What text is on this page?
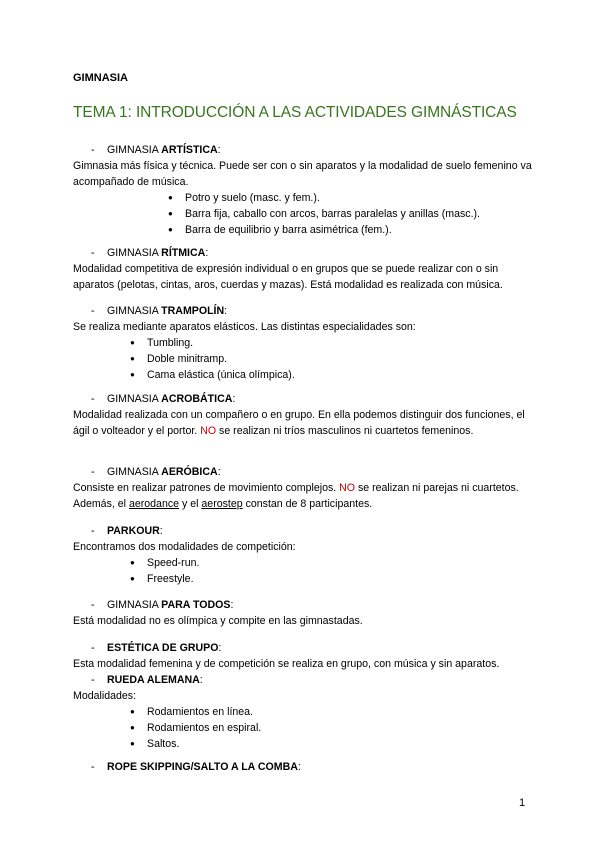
GIMNASIA
TEMA 1: INTRODUCCIÓN A LAS ACTIVIDADES GIMNÁSTICAS
- GIMNASIA ARTÍSTICA:

Gimnasia más física y técnica. Puede ser con o sin aparatos y la modalidad de suelo femenino va acompañado de música.

● Potro y suelo (masc. y fem.).
● Barra fija, caballo con arcos, barras paralelas y anillas (masc.).
● Barra de equilibrio y barra asimétrica (fem.).
- GIMNASIA RÍTMICA:

Modalidad competitiva de expresión individual o en grupos que se puede realizar con o sin aparatos (pelotas, cintas, aros, cuerdas y mazas). Está modalidad es realizada con música.

- GIMNASIA TRAMPOLÍN:

Se realiza mediante aparatos elásticos. Las distintas especialidades son:

● Tumbling.
● Doble minitramp.
● Cama elástica (única olímpica).
- GIMNASIA ACROBÁTICA:

Modalidad realizada con un compañero o en grupo. En ella podemos distinguir dos funciones, el ágil o volteador y el portor. NO se realizan ni tríos masculinos ni cuartetos femeninos.

- GIMNASIA AERÓBICA:

Consiste en realizar patrones de movimiento complejos. NO se realizan ni parejas ni cuartetos. Además, el aerodance y el aerostep constan de 8 participantes.

- PARKOUR:

Encontramos dos modalidades de competición:

● Speed-run.
● Freestyle.
- GIMNASIA PARA TODOS:

Está modalidad no es olímpica y compite en las gimnastadas.

- ESTÉTICA DE GRUPO:

Esta modalidad femenina y de competición se realiza en grupo, con música y sin aparatos.

- RUEDA ALEMANA:

Modalidades:

● Rodamientos en línea.
● Rodamientos en espiral.
● Saltos.
- ROPE SKIPPING/SALTO A LA COMBA:
1
